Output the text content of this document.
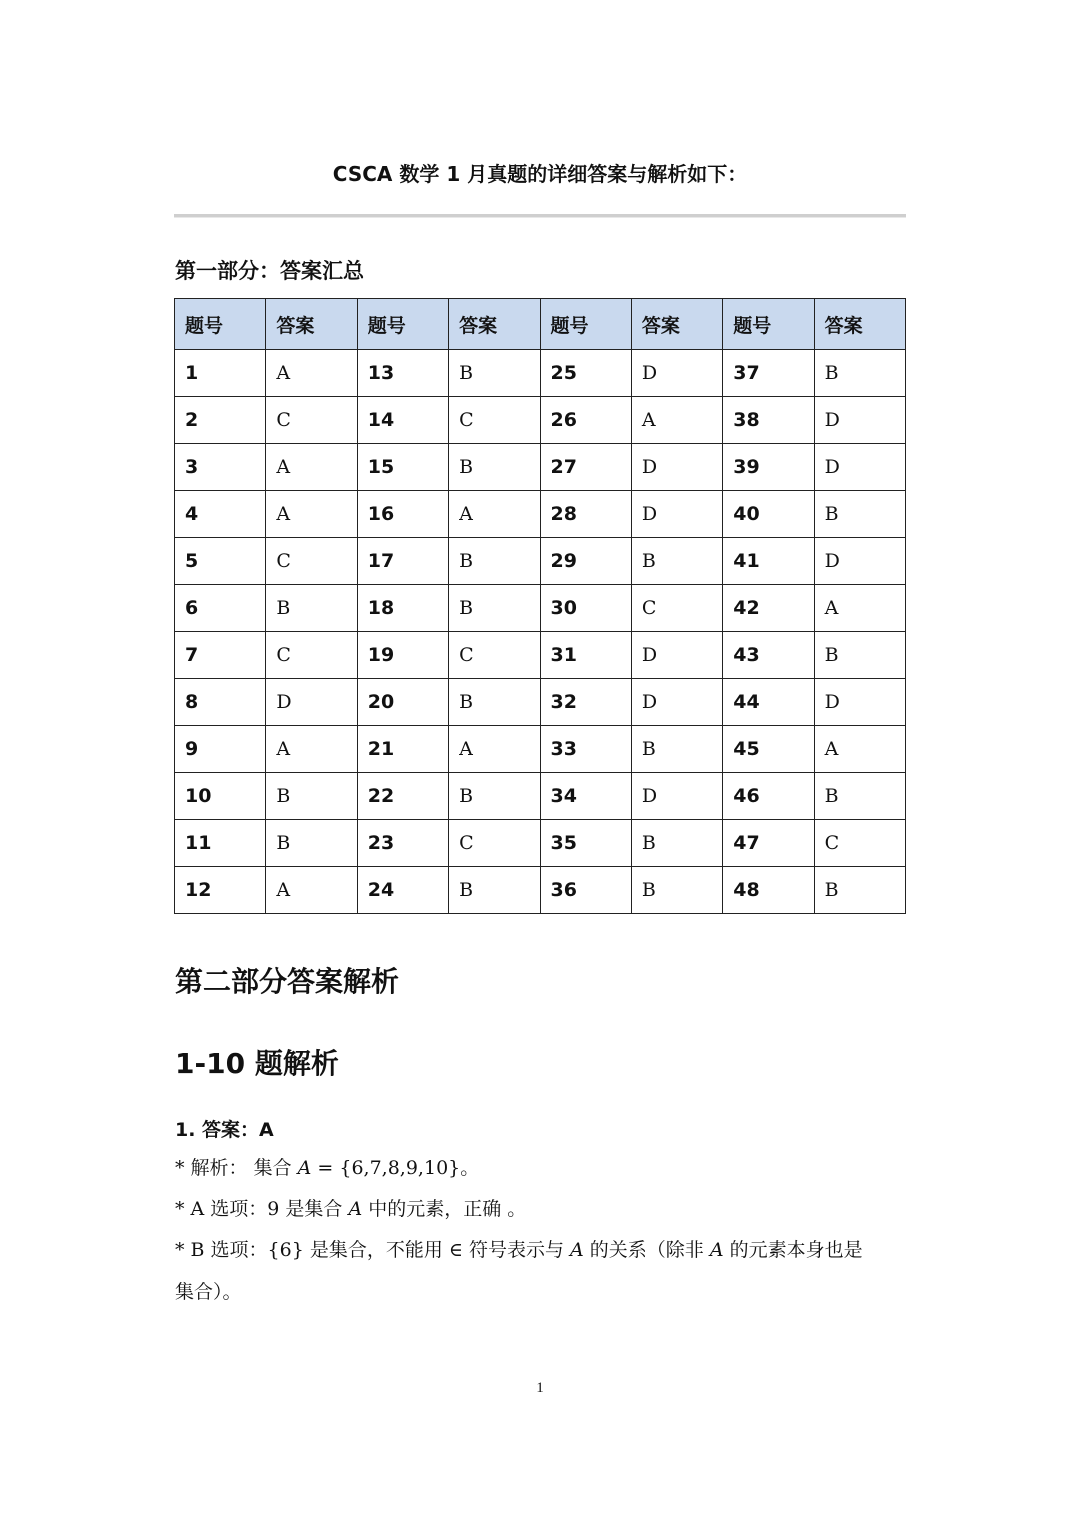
CSCA 数学 1 月真题的详细答案与解析如下：
第一部分：答案汇总
题号	答案	题号	答案	题号	答案	题号	答案
1	A	13	B	25	D	37	B
2	C	14	C	26	A	38	D
3	A	15	B	27	D	39	D
4	A	16	A	28	D	40	B
5	C	17	B	29	B	41	D
6	B	18	B	30	C	42	A
7	C	19	C	31	D	43	B
8	D	20	B	32	D	44	D
9	A	21	A	33	B	45	A
10	B	22	B	34	D	46	B
11	B	23	C	35	B	47	C
12	A	24	B	36	B	48	B
第二部分答案解析
1-10 题解析
1. 答案：A
* 解析： 集合 A = {6,7,8,9,10}。
* A 选项：9 是集合 A 中的元素，正确 。
* B 选项：{6} 是集合，不能用 ∈ 符号表示与 A 的关系（除非 A 的元素本身也是
集合）。
1
